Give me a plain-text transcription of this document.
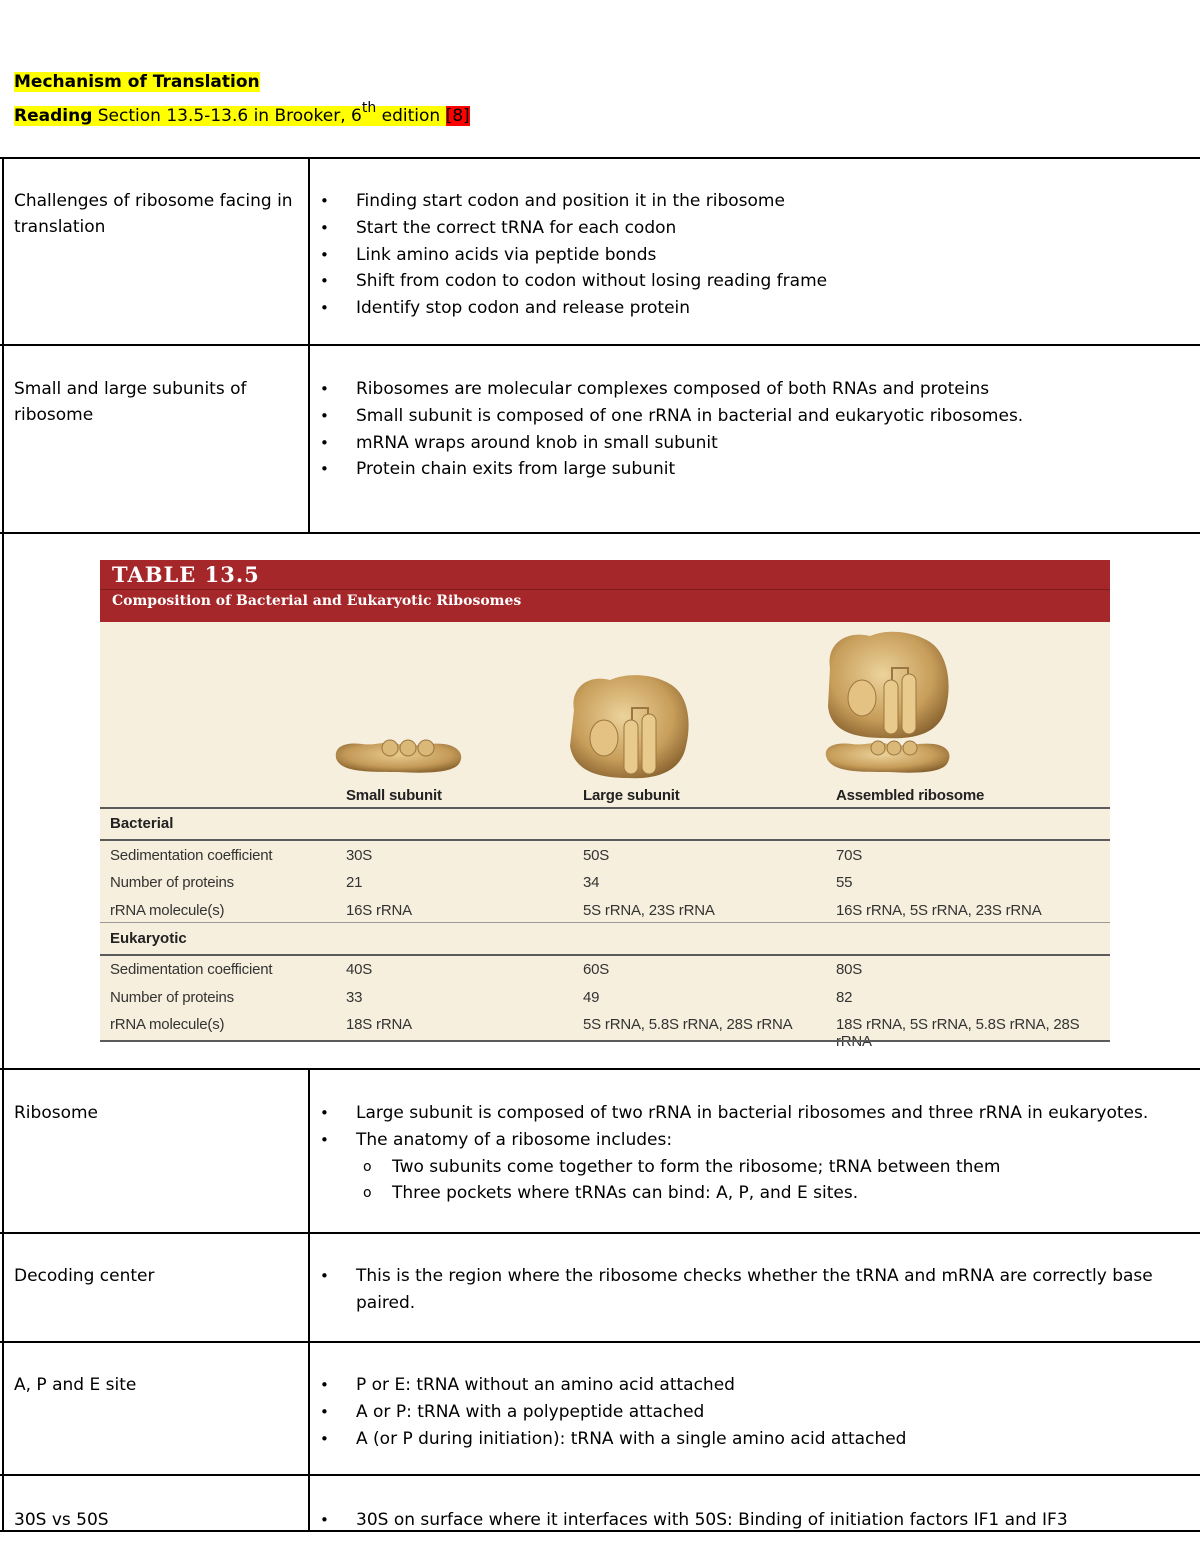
Mechanism of Translation
Reading Section 13.5-13.6 in Brooker, 6th edition [8]
Challenges of ribosome facing in translation
• Finding start codon and position it in the ribosome
• Start the correct tRNA for each codon
• Link amino acids via peptide bonds
• Shift from codon to codon without losing reading frame
• Identify stop codon and release protein
Small and large subunits of ribosome
• Ribosomes are molecular complexes composed of both RNAs and proteins
• Small subunit is composed of one rRNA in bacterial and eukaryotic ribosomes.
• mRNA wraps around knob in small subunit
• Protein chain exits from large subunit
TABLE 13.5
Composition of Bacterial and Eukaryotic Ribosomes
Small subunit	Large subunit	Assembled ribosome
Bacterial
Sedimentation coefficient	30S	50S	70S
Number of proteins	21	34	55
rRNA molecule(s)	16S rRNA	5S rRNA, 23S rRNA	16S rRNA, 5S rRNA, 23S rRNA
Eukaryotic
Sedimentation coefficient	40S	60S	80S
Number of proteins	33	49	82
rRNA molecule(s)	18S rRNA	5S rRNA, 5.8S rRNA, 28S rRNA	18S rRNA, 5S rRNA, 5.8S rRNA, 28S
Ribosome	• Large subunit is composed of two rRNA in bacterial ribosomes and three rRNA in eukaryotes.
• The anatomy of a ribosome includes:
o Two subunits come together to form the ribosome; tRNA between them
o Three pockets where tRNAs can bind: A, P, and E sites.
Decoding center	• This is the region where the ribosome checks whether the tRNA and mRNA are correctly base paired.
A, P and E site	• P or E: tRNA without an amino acid attached
• A or P: tRNA with a polypeptide attached
• A (or P during initiation): tRNA with a single amino acid attached
30S vs 50S	• 30S on surface where it interfaces with 50S: Binding of initiation factors IF1 and IF3
